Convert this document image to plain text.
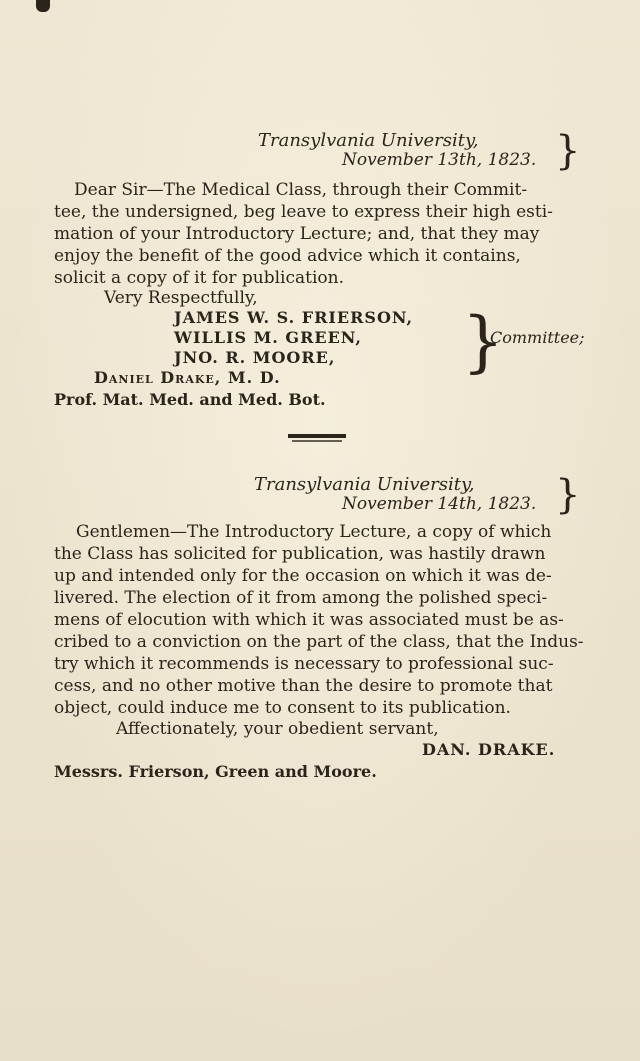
Transylvania University,
November 13th, 1823. }
Dear Sir—The Medical Class, through their Commit-
tee, the undersigned, beg leave to express their high esti-
mation of your Introductory Lecture; and, that they may
enjoy the benefit of the good advice which it contains,
solicit a copy of it for publication.
Very Respectfully,
JAMES W. S. FRIERSON,
WILLIS M. GREEN,
JNO. R. MOORE, }
Committee;
Daniel Drake, M. D.
Prof. Mat. Med. and Med. Bot.
Transylvania University,
November 14th, 1823. }
Gentlemen—The Introductory Lecture, a copy of which
the Class has solicited for publication, was hastily drawn
up and intended only for the occasion on which it was de-
livered. The election of it from among the polished speci-
mens of elocution with which it was associated must be as-
cribed to a conviction on the part of the class, that the Indus-
try which it recommends is necessary to professional suc-
cess, and no other motive than the desire to promote that
object, could induce me to consent to its publication.
Affectionately, your obedient servant,
DAN. DRAKE.
Messrs. Frierson, Green and Moore.
